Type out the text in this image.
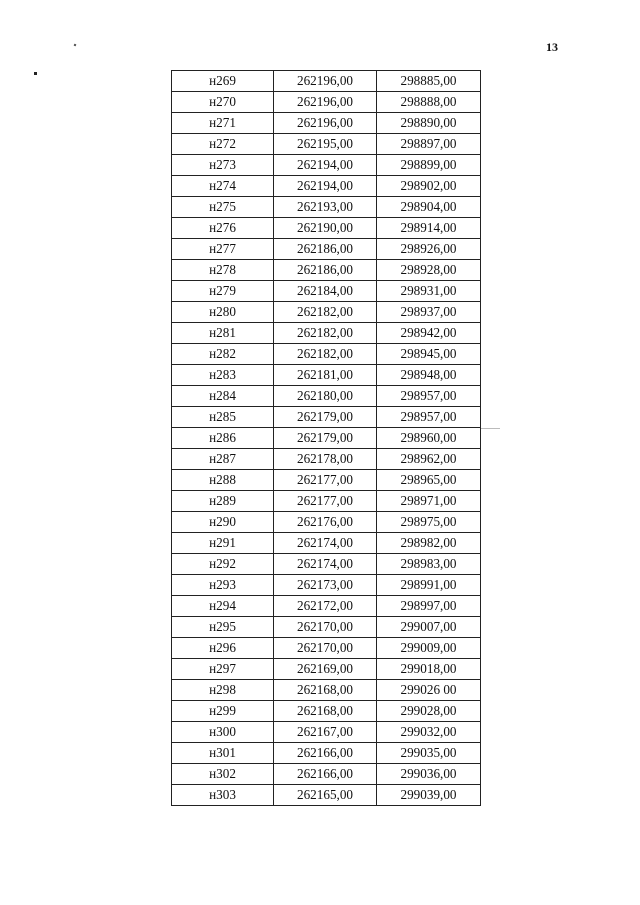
13
н269	262196,00	298885,00
н270	262196,00	298888,00
н271	262196,00	298890,00
н272	262195,00	298897,00
н273	262194,00	298899,00
н274	262194,00	298902,00
н275	262193,00	298904,00
н276	262190,00	298914,00
н277	262186,00	298926,00
н278	262186,00	298928,00
н279	262184,00	298931,00
н280	262182,00	298937,00
н281	262182,00	298942,00
н282	262182,00	298945,00
н283	262181,00	298948,00
н284	262180,00	298957,00
н285	262179,00	298957,00
н286	262179,00	298960,00
н287	262178,00	298962,00
н288	262177,00	298965,00
н289	262177,00	298971,00
н290	262176,00	298975,00
н291	262174,00	298982,00
н292	262174,00	298983,00
н293	262173,00	298991,00
н294	262172,00	298997,00
н295	262170,00	299007,00
н296	262170,00	299009,00
н297	262169,00	299018,00
н298	262168,00	299026 00
н299	262168,00	299028,00
н300	262167,00	299032,00
н301	262166,00	299035,00
н302	262166,00	299036,00
н303	262165,00	299039,00
